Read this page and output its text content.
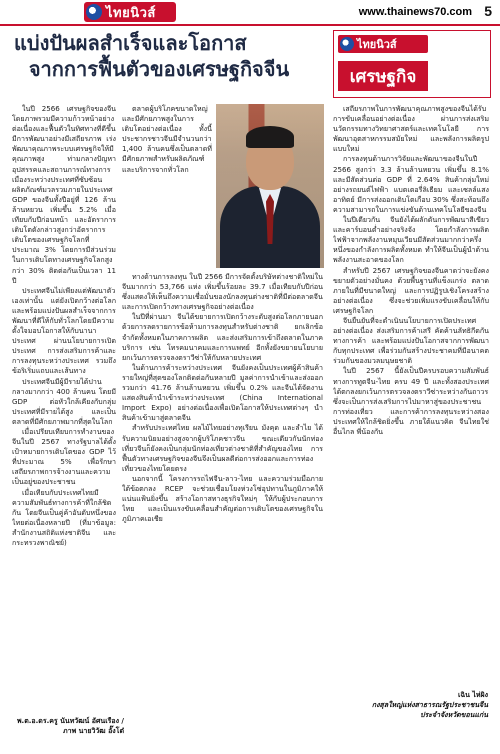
ไทยนิวส์	www.thainews70.com 5

แบ่งปันผลสำเร็จและโอกาส

จากการฟื้นตัวของเศรษฐกิจจีน

ไทยนิวส์
เศรษฐกิจ

ในปี 2566 เศรษฐกิจของจีนโดยภาพรวมมีความก้าวหน้าอย่างต่อเนื่องและฟื้นตัวในทิศทางที่ดีขึ้น มีการพัฒนาอย่างมีเสถียรภาพ เร่งพัฒนาคุณภาพระบบเศรษฐกิจให้มีคุณภาพสูง ท่ามกลางปัญหาอุปสรรคและสถานการณ์ทางการเมืองระหว่างประเทศที่ซับซ้อน ผลิตภัณฑ์มวลรวมภายในประเทศ GDP ของจีนทั้งปีอยู่ที่ 126 ล้านล้านหยวน เพิ่มขึ้น 5.2% เมื่อเทียบกับปีก่อนหน้า และอัตราการเติบโตดังกล่าวสูงกว่าอัตราการเติบโตของเศรษฐกิจโลกที่ประมาณ 3% โดยการมีส่วนร่วมในการเติบโตทางเศรษฐกิจโลกสูงกว่า 30% ติดต่อกันเป็นเวลา 11 ปี

ประเทศจีนไม่เพียงแต่พัฒนาตัวเองเท่านั้น แต่ยังเปิดกว้างต่อโลกและพร้อมแบ่งปันผลสำเร็จจากการพัฒนาที่ดีให้กับทั่วโลกโดยมีความตั้งใจมอบโอกาสให้กับนานาประเทศ ผ่านนโยบายการเปิดประเทศ การส่งเสริมการค้าและการลงทุนระหว่างประเทศ รวมถึงข้อริเริ่มแถบและเส้นทาง

ประเทศจีนมีผู้มีรายได้ปานกลางมากกว่า 400 ล้านคน โดยมี GDP ต่อหัวใกล้เคียงกับกลุ่มประเทศที่มีรายได้สูง และเป็นตลาดที่มีศักยภาพมากที่สุดในโลก

เมื่อเปรียบเทียบการทำงานของจีนในปี 2567 ทางรัฐบาลได้ตั้งเป้าหมายการเติบโตของ GDP ไว้ที่ประมาณ 5% เพื่อรักษาเสถียรภาพการจ้างงานและความเป็นอยู่ของประชาชน

เมื่อเทียบกับประเทศไทยมีความสัมพันธ์ทางการค้าที่ใกล้ชิดกัน โดยจีนเป็นคู่ค้าอันดับหนึ่งของไทยต่อเนื่องหลายปี (ที่มาข้อมูล: สำนักงานสถิติแห่งชาติจีน และกระทรวงพาณิชย์)

ตลาดผู้บริโภคขนาดใหญ่และมีศักยภาพสูงในการเติบโตอย่างต่อเนื่อง ทั้งนี้ประชากรชาวจีนมีจำนวนกว่า 1,400 ล้านคนซึ่งเป็นตลาดที่มีศักยภาพสำหรับผลิตภัณฑ์และบริการจากทั่วโลก

ทางด้านการลงทุน ในปี 2566 มีการจัดตั้งบริษัทต่างชาติใหม่ในจีนมากกว่า 53,766 แห่ง เพิ่มขึ้นร้อยละ 39.7 เมื่อเทียบกับปีก่อน ซึ่งแสดงให้เห็นถึงความเชื่อมั่นของนักลงทุนต่างชาติที่มีต่อตลาดจีน และการเปิดกว้างทางเศรษฐกิจอย่างต่อเนื่อง

ในปีที่ผ่านมา จีนได้ขยายการเปิดกว้างระดับสูงต่อโลกภายนอก ด้วยการลดรายการข้อห้ามการลงทุนสำหรับต่างชาติ ยกเลิกข้อจำกัดทั้งหมดในภาคการผลิต และส่งเสริมการเข้าถึงตลาดในภาคบริการ เช่น โทรคมนาคมและการแพทย์ อีกทั้งยังขยายนโยบายยกเว้นการตรวจลงตราวีซ่าให้กับหลายประเทศ

ในด้านการค้าระหว่างประเทศ จีนยังคงเป็นประเทศผู้ค้าสินค้ารายใหญ่ที่สุดของโลกติดต่อกันหลายปี มูลค่าการนำเข้าและส่งออกรวมกว่า 41.76 ล้านล้านหยวน เพิ่มขึ้น 0.2% และจีนได้จัดงานแสดงสินค้านำเข้าระหว่างประเทศ (China International Import Expo) อย่างต่อเนื่องเพื่อเปิดโอกาสให้ประเทศต่างๆ นำสินค้าเข้ามาสู่ตลาดจีน

สำหรับประเทศไทย ผลไม้ไทยอย่างทุเรียน มังคุด และลำไย ได้รับความนิยมอย่างสูงจากผู้บริโภคชาวจีน ขณะเดียวกันนักท่องเที่ยวจีนก็ยังคงเป็นกลุ่มนักท่องเที่ยวต่างชาติที่สำคัญของไทย การฟื้นตัวทางเศรษฐกิจของจีนจึงเป็นผลดีต่อการส่งออกและการท่องเที่ยวของไทยโดยตรง

นอกจากนี้ โครงการรถไฟจีน-ลาว-ไทย และความร่วมมือภายใต้ข้อตกลง RCEP จะช่วยเชื่อมโยงห่วงโซ่อุปทานในภูมิภาคให้แน่นแฟ้นยิ่งขึ้น สร้างโอกาสทางธุรกิจใหม่ๆ ให้กับผู้ประกอบการไทย และเป็นแรงขับเคลื่อนสำคัญต่อการเติบโตของเศรษฐกิจในภูมิภาคเอเชีย

เสถียรภาพในการพัฒนาคุณภาพสูงของจีนได้รับการขับเคลื่อนอย่างต่อเนื่อง ผ่านการส่งเสริมนวัตกรรมทางวิทยาศาสตร์และเทคโนโลยี การพัฒนาอุตสาหกรรมสมัยใหม่ และพลังการผลิตรูปแบบใหม่

การลงทุนด้านการวิจัยและพัฒนาของจีนในปี 2566 สูงกว่า 3.3 ล้านล้านหยวน เพิ่มขึ้น 8.1% และมีสัดส่วนต่อ GDP ที่ 2.64% สินค้ากลุ่มใหม่อย่างรถยนต์ไฟฟ้า แบตเตอรี่ลิเธียม และเซลล์แสงอาทิตย์ มีการส่งออกเติบโตเกือบ 30% ซึ่งสะท้อนถึงความสามารถในการแข่งขันด้านเทคโนโลยีของจีน

ในปีเดียวกัน จีนยังได้ผลักดันการพัฒนาสีเขียวและคาร์บอนต่ำอย่างจริงจัง โดยกำลังการผลิตไฟฟ้าจากพลังงานหมุนเวียนมีสัดส่วนมากกว่าครึ่งหนึ่งของกำลังการผลิตทั้งหมด ทำให้จีนเป็นผู้นำด้านพลังงานสะอาดของโลก

สำหรับปี 2567 เศรษฐกิจของจีนคาดว่าจะยังคงขยายตัวอย่างมั่นคง ด้วยพื้นฐานที่แข็งแกร่ง ตลาดภายในที่มีขนาดใหญ่ และการปฏิรูปเชิงโครงสร้างอย่างต่อเนื่อง ซึ่งจะช่วยเพิ่มแรงขับเคลื่อนให้กับเศรษฐกิจโลก

จีนยืนยันที่จะดำเนินนโยบายการเปิดประเทศอย่างต่อเนื่อง ส่งเสริมการค้าเสรี คัดค้านลัทธิกีดกันทางการค้า และพร้อมแบ่งปันโอกาสจากการพัฒนากับทุกประเทศ เพื่อร่วมกันสร้างประชาคมที่มีอนาคตร่วมกันของมวลมนุษยชาติ

ในปี 2567 นี้ยังเป็นปีครบรอบความสัมพันธ์ทางการทูตจีน-ไทย ครบ 49 ปี และทั้งสองประเทศได้ตกลงยกเว้นการตรวจลงตราวีซ่าระหว่างกันถาวร ซึ่งจะเป็นการส่งเสริมการไปมาหาสู่ของประชาชน การท่องเที่ยว และการค้าการลงทุนระหว่างสองประเทศให้ใกล้ชิดยิ่งขึ้น ภายใต้แนวคิด จีนไทยใช่อื่นไกล พี่น้องกัน

พ.ต.อ.ดร.ครู นันทวัฒน์ อัศนเรือง / ภาพ นายวิวัฒ อั๊งโต๋
เฉิน ไห่ผิง
กงสุลใหญ่แห่งสาธารณรัฐประชาชนจีน
ประจำจังหวัดขอนแก่น
